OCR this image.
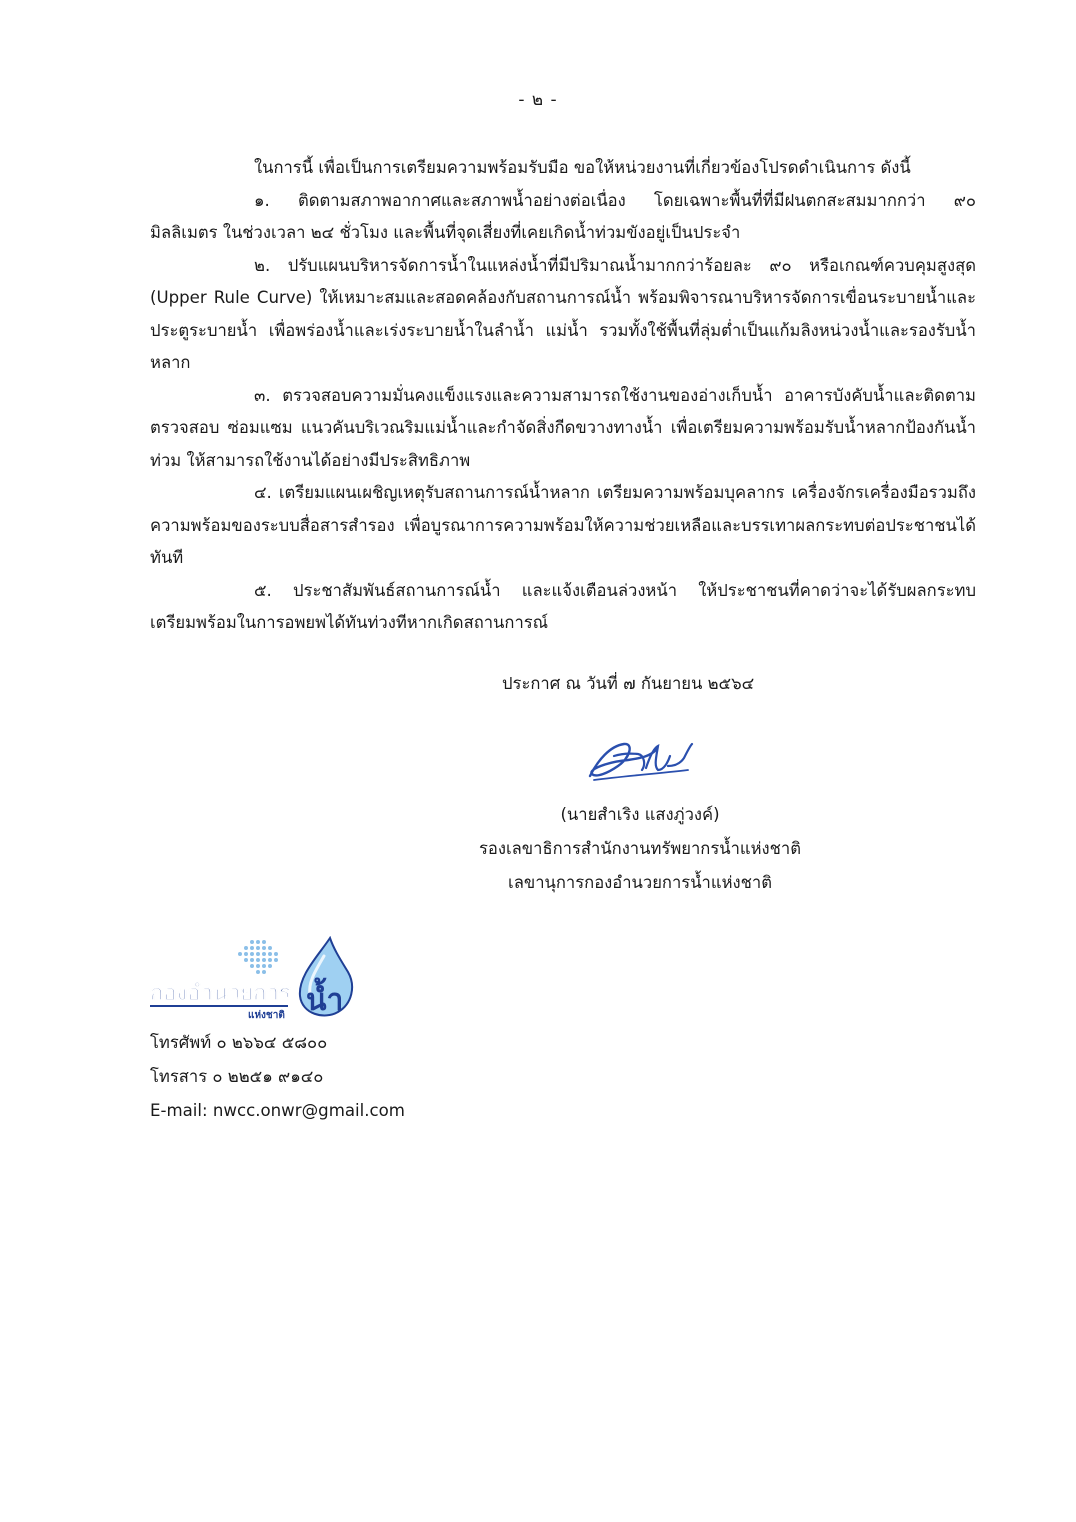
- ๒ -

ในการนี้ เพื่อเป็นการเตรียมความพร้อมรับมือ ขอให้หน่วยงานที่เกี่ยวข้องโปรดดำเนินการ ดังนี้

๑. ติดตามสภาพอากาศและสภาพน้ำอย่างต่อเนื่อง โดยเฉพาะพื้นที่ที่มีฝนตกสะสมมากกว่า ๙๐ มิลลิเมตร ในช่วงเวลา ๒๔ ชั่วโมง และพื้นที่จุดเสี่ยงที่เคยเกิดน้ำท่วมขังอยู่เป็นประจำ

๒. ปรับแผนบริหารจัดการน้ำในแหล่งน้ำที่มีปริมาณน้ำมากกว่าร้อยละ ๙๐ หรือเกณฑ์ควบคุมสูงสุด (Upper Rule Curve) ให้เหมาะสมและสอดคล้องกับสถานการณ์น้ำ พร้อมพิจารณาบริหารจัดการเขื่อนระบายน้ำและประตูระบายน้ำ เพื่อพร่องน้ำและเร่งระบายน้ำในลำน้ำ แม่น้ำ รวมทั้งใช้พื้นที่ลุ่มต่ำเป็นแก้มลิงหน่วงน้ำและรองรับน้ำหลาก

๓. ตรวจสอบความมั่นคงแข็งแรงและความสามารถใช้งานของอ่างเก็บน้ำ อาคารบังคับน้ำและติดตาม ตรวจสอบ ซ่อมแซม แนวคันบริเวณริมแม่น้ำและกำจัดสิ่งกีดขวางทางน้ำ เพื่อเตรียมความพร้อมรับน้ำหลากป้องกันน้ำท่วม ให้สามารถใช้งานได้อย่างมีประสิทธิภาพ

๔. เตรียมแผนเผชิญเหตุรับสถานการณ์น้ำหลาก เตรียมความพร้อมบุคลากร เครื่องจักรเครื่องมือรวมถึงความพร้อมของระบบสื่อสารสำรอง เพื่อบูรณาการความพร้อมให้ความช่วยเหลือและบรรเทาผลกระทบต่อประชาชนได้ทันที

๕. ประชาสัมพันธ์สถานการณ์น้ำ และแจ้งเตือนล่วงหน้า ให้ประชาชนที่คาดว่าจะได้รับผลกระทบ เตรียมพร้อมในการอพยพได้ทันท่วงทีหากเกิดสถานการณ์

ประกาศ ณ วันที่ ๗ กันยายน ๒๕๖๔
(นายสำเริง แสงภู่วงค์)
รองเลขาธิการสำนักงานทรัพยากรน้ำแห่งชาติ
เลขานุการกองอำนวยการน้ำแห่งชาติ
น้ำ
กองอำนวยการ
แห่งชาติ
โทรศัพท์ ๐ ๒๖๖๔ ๕๘๐๐
โทรสาร ๐ ๒๒๕๑ ๙๑๔๐
E-mail: nwcc.onwr@gmail.com
